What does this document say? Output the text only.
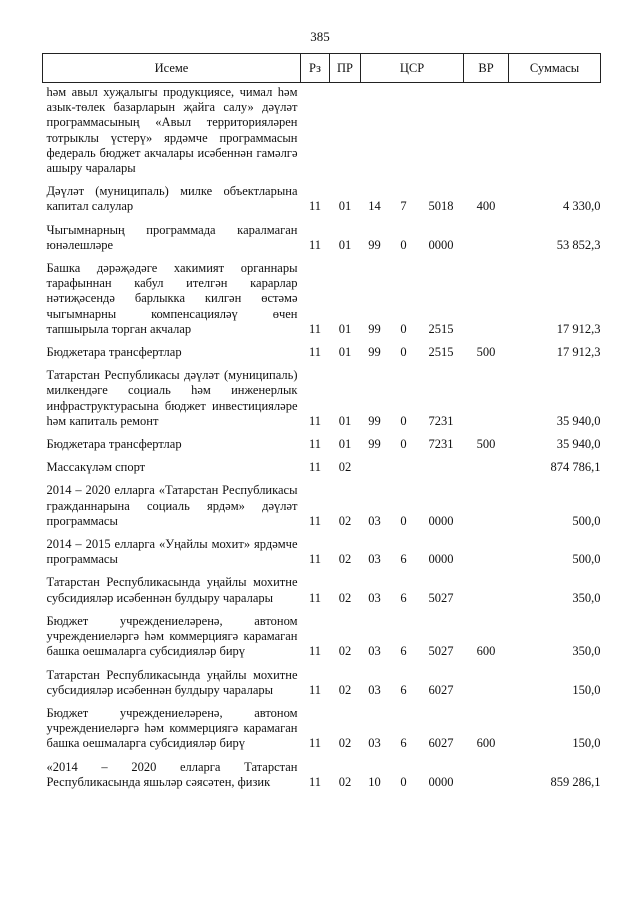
385
Исеме	Рз	ПР	ЦСР			ВР	Суммасы
һәм авыл хуҗалыгы продукциясе, чимал һәм азык-төлек базарларын җайга салу» дәүләт программасының «Авыл территорияләрен тотрыклы үстерү» ярдәмче программасын федераль бюджет акчалары исәбеннән гамәлгә ашыру чаралары							
Дәүләт (муниципаль) милке объектларына капитал салулар	11	01	14	7	5018	400	4 330,0
Чыгымнарның программада каралмаган юнәлешләре	11	01	99	0	0000		53 852,3
Башка дәрәҗәдәге хакимият органнары тарафыннан кабул ителгән карарлар нәтиҗәсендә барлыкка килгән өстәмә чыгымнарны компенсацияләү өчен тапшырыла торган акчалар	11	01	99	0	2515		17 912,3
Бюджетара трансфертлар	11	01	99	0	2515	500	17 912,3
Татарстан Республикасы дәүләт (муниципаль) милкендәге социаль һәм инженерлык инфраструктурасына бюджет инвестицияләре һәм капиталь ремонт	11	01	99	0	7231		35 940,0
Бюджетара трансфертлар	11	01	99	0	7231	500	35 940,0
Массакүләм спорт	11	02					874 786,1
2014 – 2020 елларга «Татарстан Республикасы гражданнарына социаль ярдәм» дәүләт программасы	11	02	03	0	0000		500,0
2014 – 2015 елларга «Уңайлы мохит» ярдәмче программасы	11	02	03	6	0000		500,0
Татарстан Республикасында уңайлы мохитне субсидияләр исәбеннән булдыру чаралары	11	02	03	6	5027		350,0
Бюджет учреждениеләренә, автоном учреждениеләргә һәм коммерциягә карамаган башка оешмаларга субсидияләр бирү	11	02	03	6	5027	600	350,0
Татарстан Республикасында уңайлы мохитне субсидияләр исәбеннән булдыру чаралары	11	02	03	6	6027		150,0
Бюджет учреждениеләренә, автоном учреждениеләргә һәм коммерциягә карамаган башка оешмаларга субсидияләр бирү	11	02	03	6	6027	600	150,0
«2014 – 2020 елларга Татарстан Республикасында яшьләр сәясәтен, физик	11	02	10	0	0000		859 286,1
